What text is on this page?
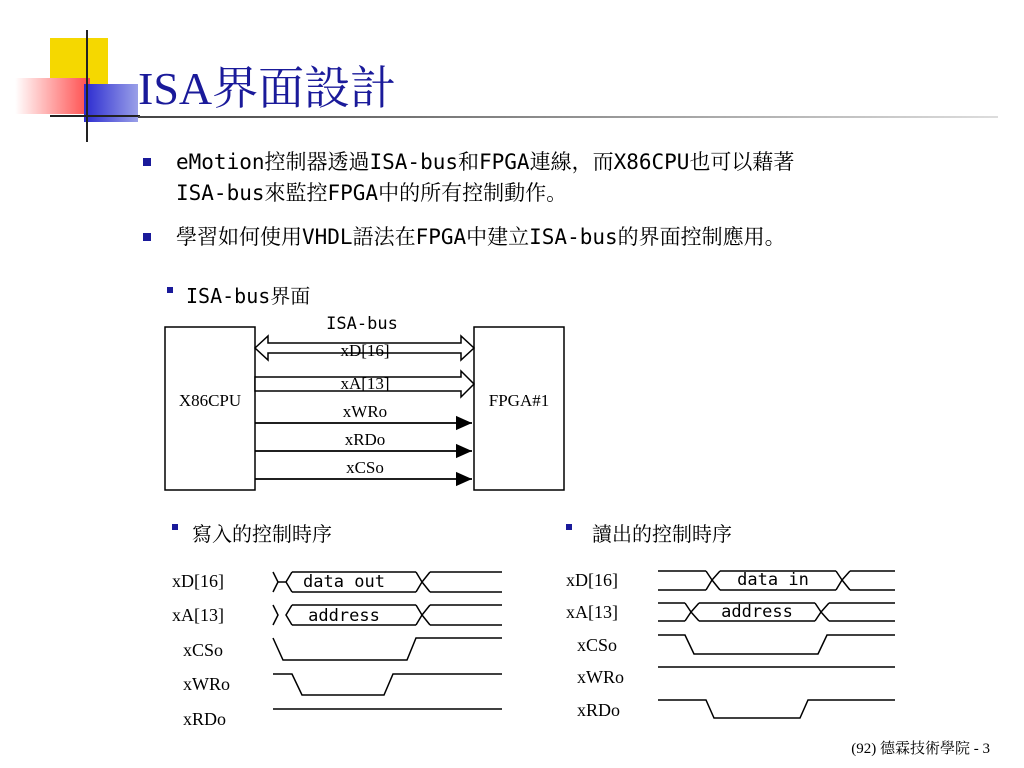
ISA界面設計
eMotion控制器透過ISA-bus和FPGA連線，而X86CPU也可以藉著
ISA-bus來監控FPGA中的所有控制動作。
學習如何使用VHDL語法在FPGA中建立ISA-bus的界面控制應用。
ISA-bus界面
寫入的控制時序	讀出的控制時序
X86CPU	FPGA#1
ISA-bus
xD[16]
xA[13]
xWRo
xRDo
xCSo
xD[16]
xA[13]
xCSo
xWRo
xRDo
data out
address
xD[16]
xA[13]
xCSo
xWRo
xRDo
data in
address
(92) 德霖技術學院 - 3
